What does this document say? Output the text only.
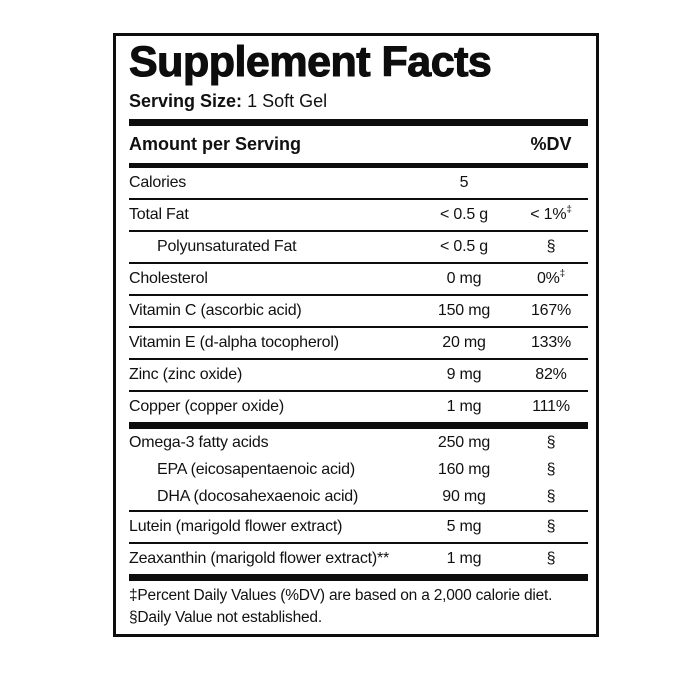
Supplement Facts
Serving Size: 1 Soft Gel
Amount per Serving	%DV
Calories	5
Total Fat	< 0.5 g	< 1%‡
Polyunsaturated Fat	< 0.5 g	§
Cholesterol	0 mg	0%‡
Vitamin C (ascorbic acid)	150 mg	167%
Vitamin E (d-alpha tocopherol)	20 mg	133%
Zinc (zinc oxide)	9 mg	82%
Copper (copper oxide)	1 mg	111%
Omega-3 fatty acids	250 mg	§
EPA (eicosapentaenoic acid)	160 mg	§
DHA (docosahexaenoic acid)	90 mg	§
Lutein (marigold flower extract)	5 mg	§
Zeaxanthin (marigold flower extract)**	1 mg	§
‡Percent Daily Values (%DV) are based on a 2,000 calorie diet.
§Daily Value not established.
